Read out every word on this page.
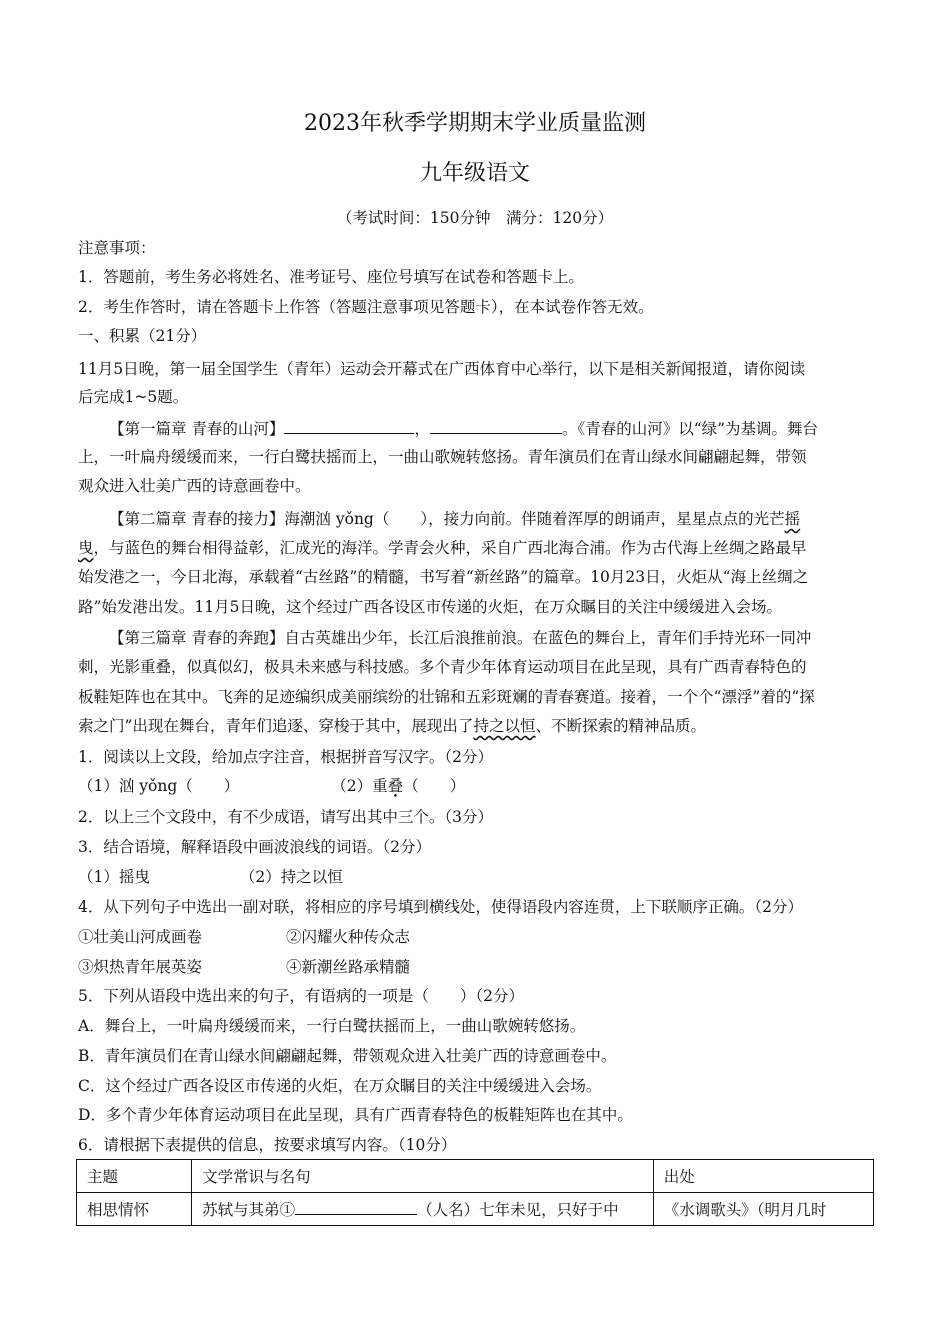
2023年秋季学期期末学业质量监测
九年级语文
（考试时间：150分钟　满分：120分）
注意事项：
1．答题前，考生务必将姓名、准考证号、座位号填写在试卷和答题卡上。
2．考生作答时，请在答题卡上作答（答题注意事项见答题卡），在本试卷作答无效。
一、积累（21分）
11月5日晚，第一届全国学生（青年）运动会开幕式在广西体育中心举行，以下是相关新闻报道，请你阅读
后完成1~5题。
【第一篇章 青春的山河】	，	。《青春的山河》以“绿”为基调。舞台
上，一叶扁舟缓缓而来，一行白鹭扶摇而上，一曲山歌婉转悠扬。青年演员们在青山绿水间翩翩起舞，带领
观众进入壮美广西的诗意画卷中。
【第二篇章 青春的接力】海潮汹 yǒng（　　），接力向前。伴随着浑厚的朗诵声，星星点点的光芒摇
曳，与蓝色的舞台相得益彰，汇成光的海洋。学青会火种，采自广西北海合浦。作为古代海上丝绸之路最早
始发港之一，今日北海，承载着“古丝路”的精髓，书写着“新丝路”的篇章。10月23日，火炬从“海上丝绸之
路”始发港出发。11月5日晚，这个经过广西各设区市传递的火炬，在万众瞩目的关注中缓缓进入会场。
【第三篇章 青春的奔跑】自古英雄出少年，长江后浪推前浪。在蓝色的舞台上，青年们手持光环一同冲
刺，光影重叠，似真似幻，极具未来感与科技感。多个青少年体育运动项目在此呈现，具有广西青春特色的
板鞋矩阵也在其中。飞奔的足迹编织成美丽缤纷的壮锦和五彩斑斓的青春赛道。接着，一个个“漂浮”着的“探
索之门”出现在舞台，青年们追逐、穿梭于其中，展现出了持之以恒、不断探索的精神品质。
1．阅读以上文段，给加点字注音，根据拼音写汉字。（2分）
（1）汹 yǒng（　　）	（2）重叠（　　）
2．以上三个文段中，有不少成语，请写出其中三个。（3分）
3．结合语境，解释语段中画波浪线的词语。（2分）
（1）摇曳	（2）持之以恒
4．从下列句子中选出一副对联，将相应的序号填到横线处，使得语段内容连贯，上下联顺序正确。（2分）
①壮美山河成画卷	②闪耀火种传众志
③炽热青年展英姿	④新潮丝路承精髓
5．下列从语段中选出来的句子，有语病的一项是（　　）（2分）
A．舞台上，一叶扁舟缓缓而来，一行白鹭扶摇而上，一曲山歌婉转悠扬。
B．青年演员们在青山绿水间翩翩起舞，带领观众进入壮美广西的诗意画卷中。
C．这个经过广西各设区市传递的火炬，在万众瞩目的关注中缓缓进入会场。
D．多个青少年体育运动项目在此呈现，具有广西青春特色的板鞋矩阵也在其中。
6．请根据下表提供的信息，按要求填写内容。（10分）
主题	文学常识与名句	出处
相思情怀	苏轼与其弟① （人名）七年未见，只好于中	《水调歌头》（明月几时
